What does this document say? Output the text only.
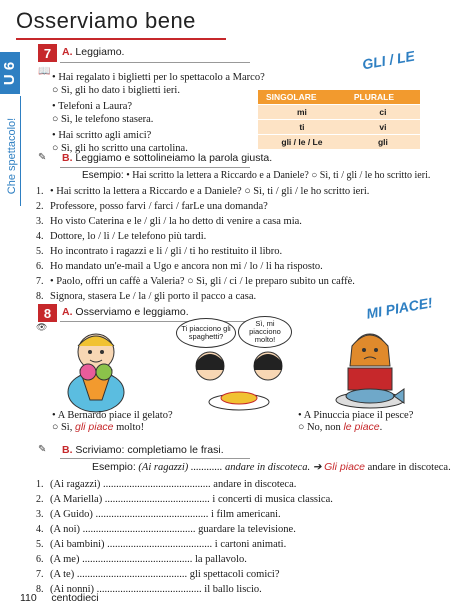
Osserviamo bene
U 6
Che spettacolo!
7	A. Leggiamo.	GLI / LE
📖
• Hai regalato i biglietti per lo spettacolo a Marco?
○ Sì, gli ho dato i biglietti ieri.
• Telefoni a Laura?
○ Sì, le telefono stasera.
• Hai scritto agli amici?
○ Sì, gli ho scritto una cartolina.
SINGOLARE	PLURALE
mi	ci
ti	vi
gli / le / Le	gli
✎ B. Leggiamo e sottolineiamo la parola giusta.
Esempio: • Hai scritto la lettera a Riccardo e a Daniele? ○ Sì, ti / gli / le ho scritto ieri.
1. • Hai scritto la lettera a Riccardo e a Daniele? ○ Sì, ti / gli / le ho scritto ieri.
2. Professore, posso farvi / farci / farLe una domanda?
3. Ho visto Caterina e le / gli / la ho detto di venire a casa mia.
4. Dottore, lo / li / Le telefono più tardi.
5. Ho incontrato i ragazzi e li / gli / ti ho restituito il libro.
6. Ho mandato un'e-mail a Ugo e ancora non mi / lo / li ha risposto.
7. • Paolo, offri un caffè a Valeria? ○ Sì, gli / ci / le preparo subito un caffè.
8. Signora, stasera Le / la / gli porto il pacco a casa.
8
👁
A. Osserviamo e leggiamo.	MI PIACE!
Ti piacciono gli spaghetti?
Sì, mi piacciono molto!
• A Bernardo piace il gelato?
○ Sì, gli piace molto!
• A Pinuccia piace il pesce?
○ No, non le piace.
✎ B. Scriviamo: completiamo le frasi.
Esempio: (Ai ragazzi) ............ andare in discoteca. ➔ Gli piace andare in discoteca.
1. (Ai ragazzi) ......................................... andare in discoteca.
2. (A Mariella) ........................................ i concerti di musica classica.
3. (A Guido) ........................................... i film americani.
4. (A noi) ........................................... guardare la televisione.
5. (Ai bambini) ........................................ i cartoni animati.
6. (A me) .......................................... la pallavolo.
7. (A te) .......................................... gli spettacoli comici?
8. (Ai nonni) ........................................ il ballo liscio.
110 centodieci
